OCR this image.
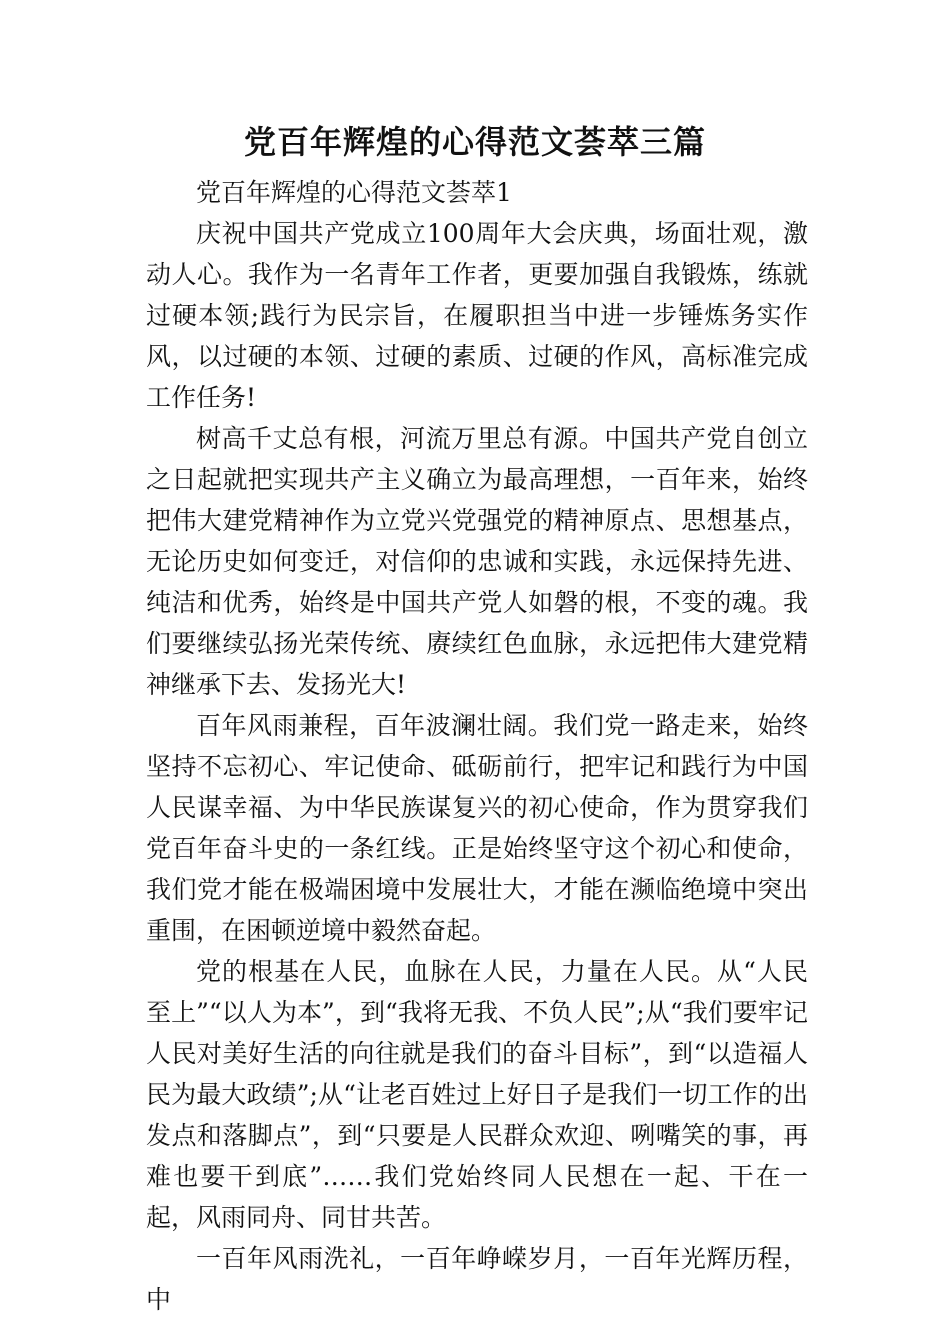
党百年辉煌的心得范文荟萃三篇

党百年辉煌的心得范文荟萃1

庆祝中国共产党成立100周年大会庆典，场面壮观，激动人心。我作为一名青年工作者，更要加强自我锻炼，练就过硬本领;践行为民宗旨，在履职担当中进一步锤炼务实作风，以过硬的本领、过硬的素质、过硬的作风，高标准完成工作任务!

树高千丈总有根，河流万里总有源。中国共产党自创立之日起就把实现共产主义确立为最高理想，一百年来，始终把伟大建党精神作为立党兴党强党的精神原点、思想基点，无论历史如何变迁，对信仰的忠诚和实践，永远保持先进、纯洁和优秀，始终是中国共产党人如磐的根，不变的魂。我们要继续弘扬光荣传统、赓续红色血脉，永远把伟大建党精神继承下去、发扬光大!

百年风雨兼程，百年波澜壮阔。我们党一路走来，始终坚持不忘初心、牢记使命、砥砺前行，把牢记和践行为中国人民谋幸福、为中华民族谋复兴的初心使命，作为贯穿我们党百年奋斗史的一条红线。正是始终坚守这个初心和使命，我们党才能在极端困境中发展壮大，才能在濒临绝境中突出重围，在困顿逆境中毅然奋起。

党的根基在人民，血脉在人民，力量在人民。从“人民至上”“以人为本”，到“我将无我、不负人民”;从“我们要牢记人民对美好生活的向往就是我们的奋斗目标”，到“以造福人民为最大政绩”;从“让老百姓过上好日子是我们一切工作的出发点和落脚点”，到“只要是人民群众欢迎、咧嘴笑的事，再难也要干到底”……我们党始终同人民想在一起、干在一起，风雨同舟、同甘共苦。

一百年风雨洗礼，一百年峥嵘岁月，一百年光辉历程，中
